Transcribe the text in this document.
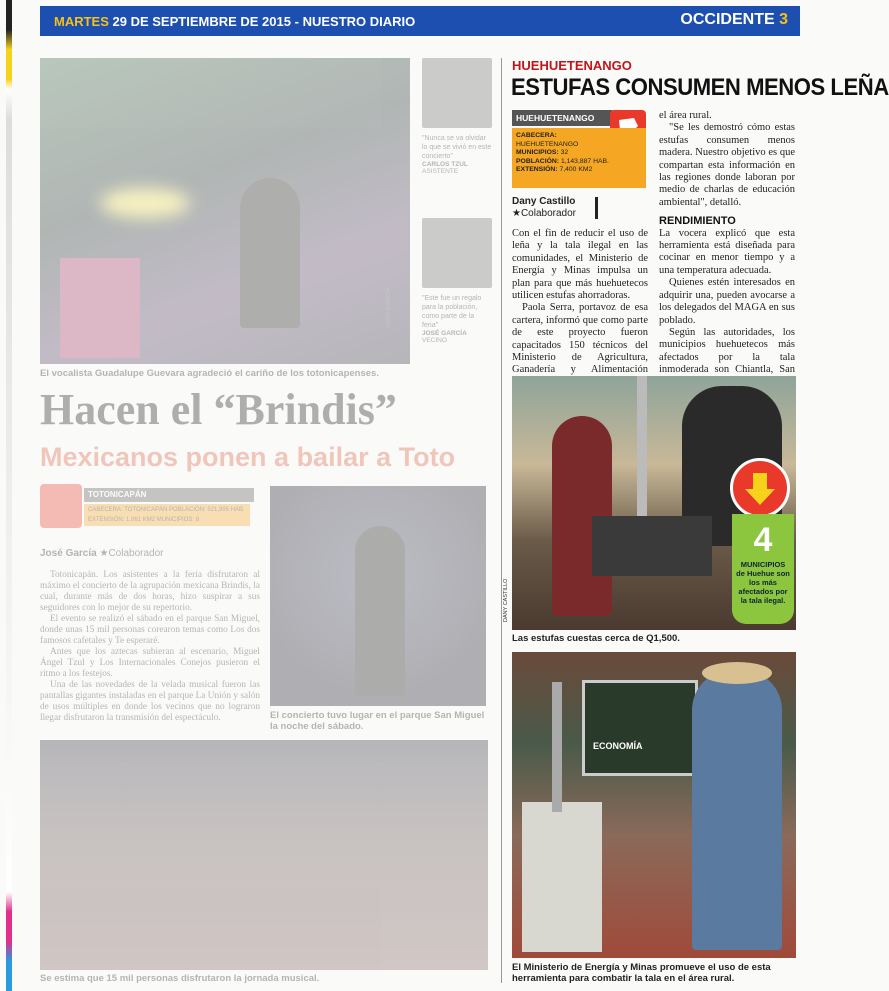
MARTES 29 DE SEPTIEMBRE DE 2015 - NUESTRO DIARIO	OCCIDENTE 3
JOSÉ GARCÍA
"Nunca se va olvidar lo que se vivió en este concierto"
CARLOS TZUL
ASISTENTE
"Este fue un regalo para la población, como parte de la feria"
JOSÉ GARCÍA
VECINO
El vocalista Guadalupe Guevara agradeció el cariño de los totonicapenses.
Hacen el “Brindis”
Mexicanos ponen a bailar a Toto
TOTONICAPÁN
CABECERA: TOTONICAPÁN POBLACIÓN: 521,995 HAB.
EXTENSIÓN: 1,061 KM2 MUNICIPIOS: 8
José García ★Colaborador

Totonicapán. Los asistentes a la feria disfrutaron al máximo el concierto de la agrupación mexicana Brindis, la cual, durante más de dos horas, hizo suspirar a sus seguidores con lo mejor de su repertorio.

El evento se realizó el sábado en el parque San Miguel, donde unas 15 mil personas corearon temas como Los dos famosos cafetales y Te esperaré.

Antes que los aztecas subieran al escenario, Miguel Ángel Tzul y Los Internacionales Conejos pusieron el ritmo a los festejos.

Una de las novedades de la velada musical fueron las pantallas gigantes instaladas en el parque La Unión y salón de usos múltiples en donde los vecinos que no lograron llegar disfrutaron la transmisión del espectáculo.	El concierto tuvo lugar en el parque San Miguel la noche del sábado.
Se estima que 15 mil personas disfrutaron la jornada musical.
HUEHUETENANGO
ESTUFAS CONSUMEN MENOS LEÑA
HUEHUETENANGO
CABECERA:
HUEHUETENANGO
MUNICIPIOS: 32
POBLACIÓN: 1,143,887 HAB.
EXTENSIÓN: 7,400 KM2
Dany Castillo
★Colaborador

Con el fin de reducir el uso de leña y la tala ilegal en las comunidades, el Ministerio de Energía y Minas impulsa un plan para que más huehuetecos utilicen estufas ahorradoras.

Paola Serra, portavoz de esa cartera, informó que como parte de este proyecto fueron capacitados 150 técnicos del Ministerio de Agricultura, Ganadería y Alimentación

el área rural.

"Se les demostró cómo estas estufas consumen menos madera. Nuestro objetivo es que compartan esta información en las regiones donde laboran por medio de charlas de educación ambiental", detalló.

RENDIMIENTO

La vocera explicó que esta herramienta está diseñada para cocinar en menor tiempo y a una temperatura adecuada.

Quienes estén interesados en adquirir una, pueden avocarse a los delegados del MAGA en sus poblado.

Según las autoridades, los municipios huehuetecos más afectados por la tala inmoderada son Chiantla, San

DANY CASTILLO
4
MUNICIPIOS de Huehue son los más afectados por la tala ilegal.
Las estufas cuestas cerca de Q1,500.
ECONOMÍA
El Ministerio de Energía y Minas promueve el uso de esta herramienta para combatir la tala en el área rural.
